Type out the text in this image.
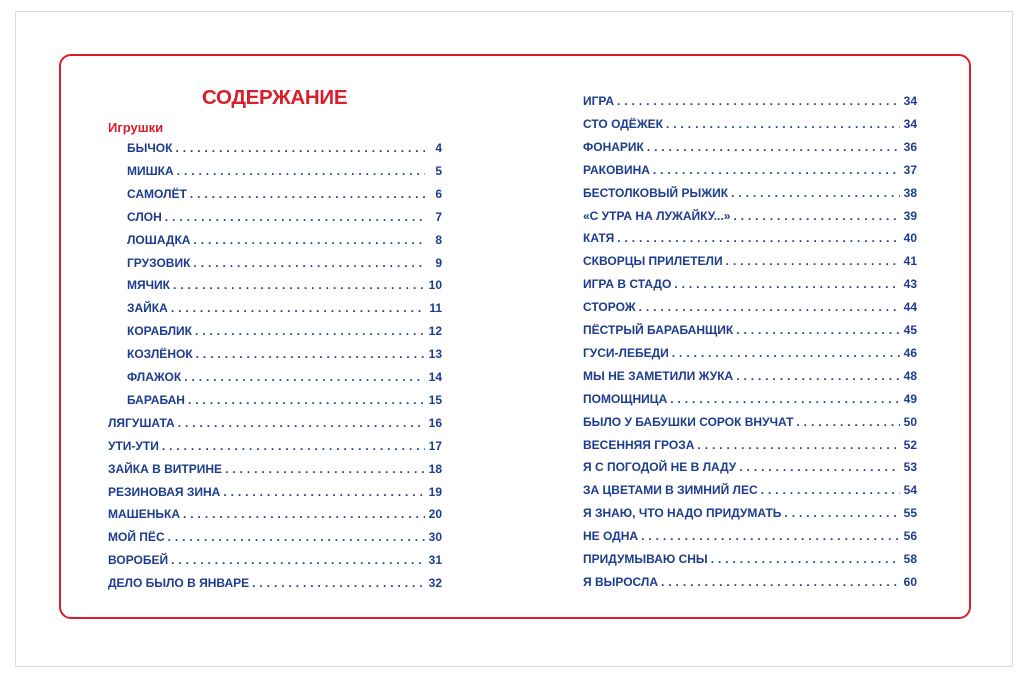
СОДЕРЖАНИЕ
Игрушки
БЫЧОК . . .	4
МИШКА . . .	5
САМОЛЁТ . . .	6
СЛОН . . .	7
ЛОШАДКА . . .	8
ГРУЗОВИК . . .	9
МЯЧИК . . .	10
ЗАЙКА . . .	11
КОРАБЛИК . . .	12
КОЗЛЁНОК . . .	13
ФЛАЖОК . . .	14
БАРАБАН . . .	15
ЛЯГУШАТА . . .	16
УТИ-УТИ . . .	17
ЗАЙКА В ВИТРИНЕ . . .	18
РЕЗИНОВАЯ ЗИНА . . .	19
МАШЕНЬКА . . .	20
МОЙ ПЁС . . .	30
ВОРОБЕЙ . . .	31
ДЕЛО БЫЛО В ЯНВАРЕ . . .	32
ИГРА . . .	34
СТО ОДЁЖЕК . . .	34
ФОНАРИК . . .	36
РАКОВИНА . . .	37
БЕСТОЛКОВЫЙ РЫЖИК . . .	38
«С УТРА НА ЛУЖАЙКУ...» . . .	39
КАТЯ . . .	40
СКВОРЦЫ ПРИЛЕТЕЛИ . . .	41
ИГРА В СТАДО . . .	43
СТОРОЖ . . .	44
ПЁСТРЫЙ БАРАБАНЩИК . . .	45
ГУСИ-ЛЕБЕДИ . . .	46
МЫ НЕ ЗАМЕТИЛИ ЖУКА . . .	48
ПОМОЩНИЦА . . .	49
БЫЛО У БАБУШКИ СОРОК ВНУЧАТ . . .	50
ВЕСЕННЯЯ ГРОЗА . . .	52
Я С ПОГОДОЙ НЕ В ЛАДУ . . .	53
ЗА ЦВЕТАМИ В ЗИМНИЙ ЛЕС . . .	54
Я ЗНАЮ, ЧТО НАДО ПРИДУМАТЬ . . .	55
НЕ ОДНА . . .	56
ПРИДУМЫВАЮ СНЫ . . .	58
Я ВЫРОСЛА . . .	60
